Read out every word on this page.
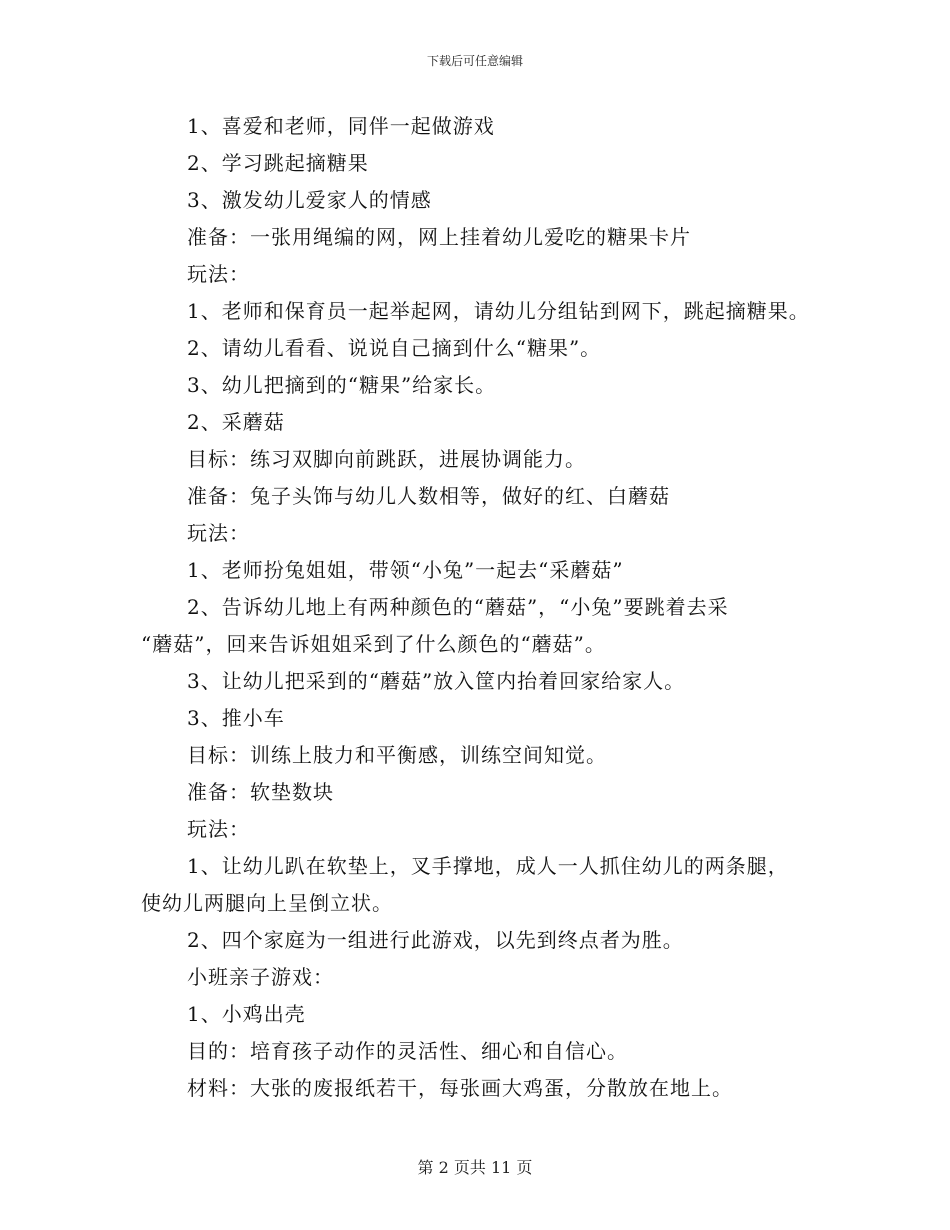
下载后可任意编辑
1、喜爱和老师，同伴一起做游戏
2、学习跳起摘糖果
3、激发幼儿爱家人的情感
准备：一张用绳编的网，网上挂着幼儿爱吃的糖果卡片
玩法：
1、老师和保育员一起举起网，请幼儿分组钻到网下，跳起摘糖果。
2、请幼儿看看、说说自己摘到什么“糖果”。
3、幼儿把摘到的“糖果”给家长。
2、采蘑菇
目标：练习双脚向前跳跃，进展协调能力。
准备：兔子头饰与幼儿人数相等，做好的红、白蘑菇
玩法：
1、老师扮兔姐姐，带领“小兔”一起去“采蘑菇”
2、告诉幼儿地上有两种颜色的“蘑菇”，“小兔”要跳着去采
“蘑菇”，回来告诉姐姐采到了什么颜色的“蘑菇”。
3、让幼儿把采到的“蘑菇”放入筐内抬着回家给家人。
3、推小车
目标：训练上肢力和平衡感，训练空间知觉。
准备：软垫数块
玩法：
1、让幼儿趴在软垫上，叉手撑地，成人一人抓住幼儿的两条腿，
使幼儿两腿向上呈倒立状。
2、四个家庭为一组进行此游戏，以先到终点者为胜。
小班亲子游戏：
1、小鸡出壳
目的：培育孩子动作的灵活性、细心和自信心。
材料：大张的废报纸若干，每张画大鸡蛋，分散放在地上。
第 2 页共 11 页
